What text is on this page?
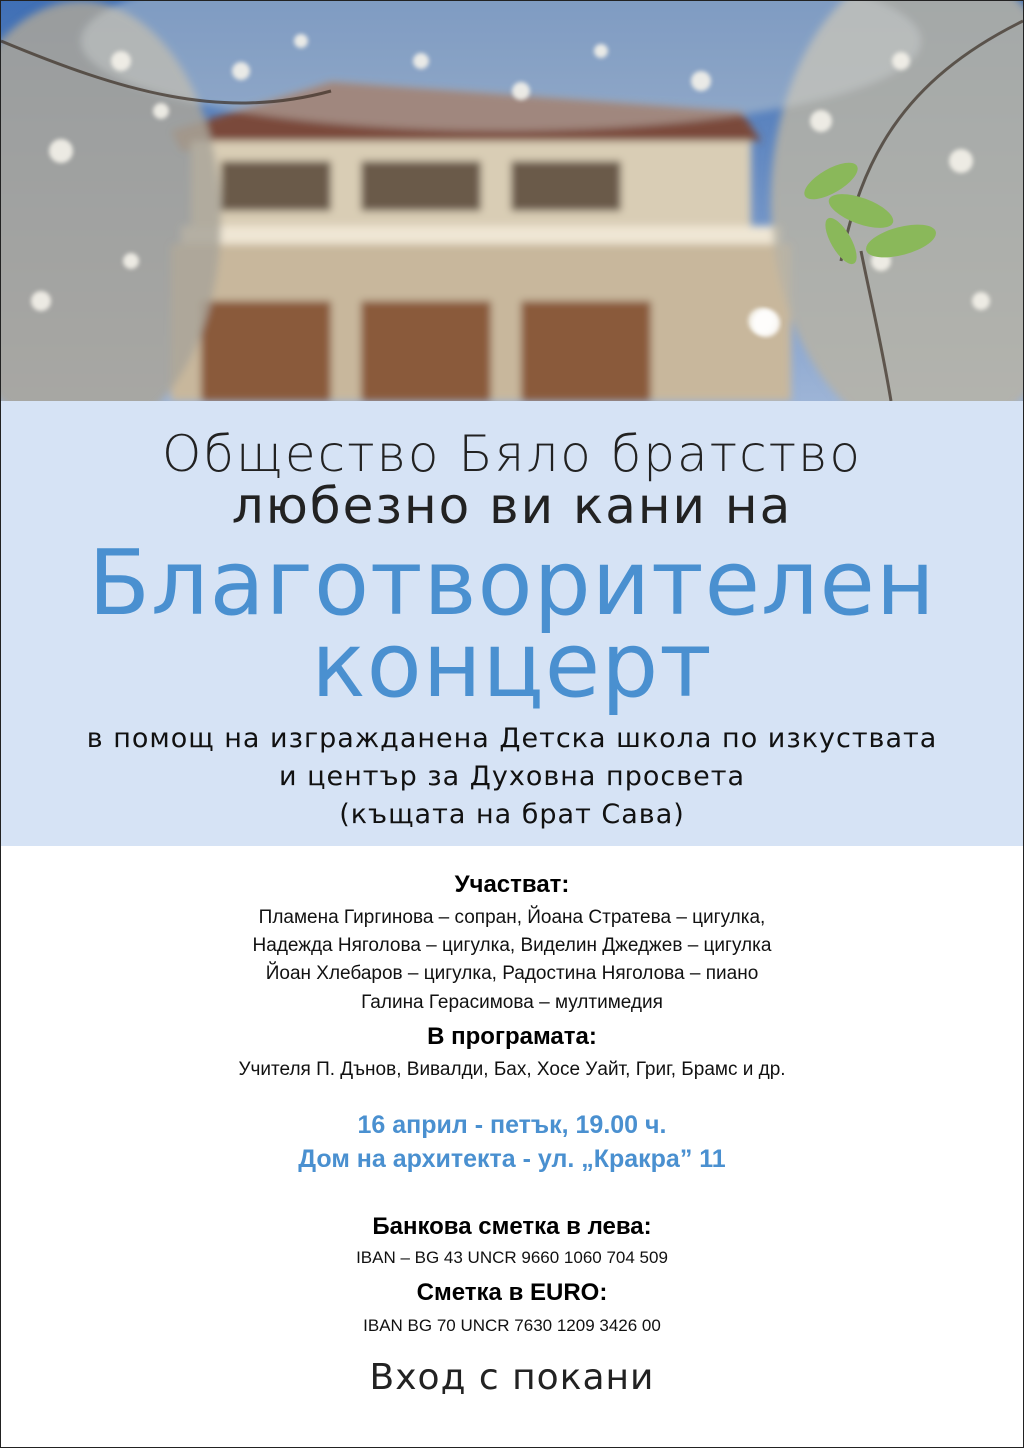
Общество Бяло братство
любезно ви кани на
Благотворителен
концерт
в помощ на изгражданена Детска школа по изкуствата
и център за Духовна просвета
(къщата на брат Сава)
Участват:
Пламена Гиргинова – сопран, Йоана Стратева – цигулка,
Надежда Няголова – цигулка, Виделин Джеджев – цигулка
Йоан Хлебаров – цигулка, Радостина Няголова – пиано
Галина Герасимова – мултимедия
В програмата:
Учителя П. Дънов, Вивалди, Бах, Хосе Уайт, Григ, Брамс и др.
16 април - петък, 19.00 ч.
Дом на архитекта - ул. „Кракра” 11
Банкова сметка в лева:
IBAN – BG 43 UNCR 9660 1060 704 509
Сметка в EURO:
IBAN BG 70 UNCR 7630 1209 3426 00
Вход с покани
